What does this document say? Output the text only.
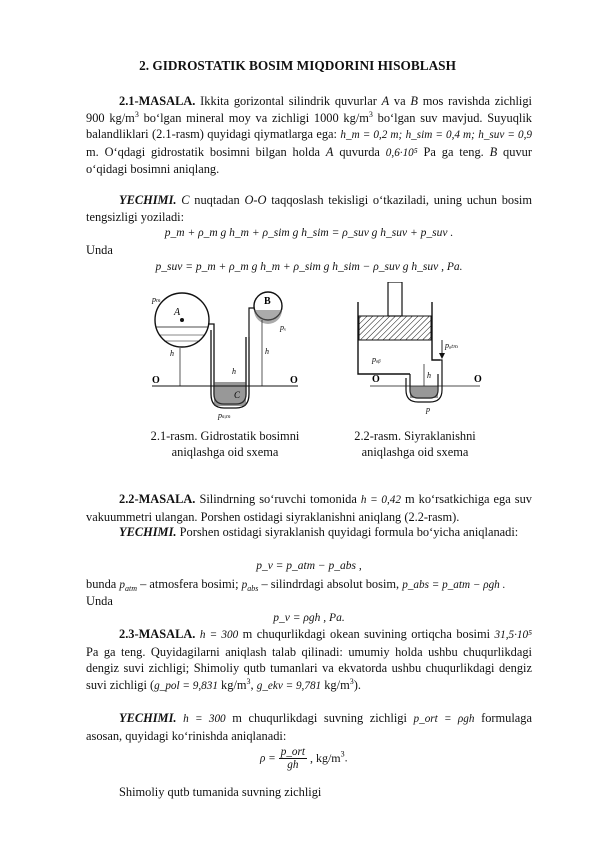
2. GIDROSTATIK BOSIM MIQDORINI HISOBLASH

2.1-MASALA. Ikkita gorizontal silindrik quvurlar A va B mos ravishda zichligi 900 $kg/m^3$ bo‘lgan mineral moy va zichligi 1000 $kg/m^3$ bo‘lgan suv mavjud. Suyuqlik balandliklari (2.1-rasm) quyidagi qiymatlarga ega: h_m = 0,2 m; h_sim = 0,4 m; h_suv = 0,9 m. O‘qdagi gidrostatik bosimni bilgan holda A quvurda 0,6·10⁵ Pa ga teng. B quvur o‘qidagi bosimni aniqlang.

YECHIMI. C nuqtadan O-O taqqoslash tekisligi o‘tkaziladi, uning uchun bosim tengsizligi yoziladi:

p_m + ρ_m g h_m + ρ_sim g h_sim = ρ_suv g h_suv + p_suv .

Unda

p_suv = p_m + ρ_m g h_m + ρ_sim g h_sim − ρ_suv g h_suv , Pa.
A
B
O	O
C
h
h
pₘ
pₓ
pₛᵢₘ
h
pₐᵦ
O	O
pₐₜₘ
h
p
2.1-rasm. Gidrostatik bosimni
aniqlashga oid sxema
2.2-rasm. Siyraklanishni
aniqlashga oid sxema

2.2-MASALA. Silindrning so‘ruvchi tomonida h = 0,42 m ko‘rsatkichiga ega suv vakuummetri ulangan. Porshen ostidagi siyraklanishni aniqlang (2.2-rasm).

YECHIMI. Porshen ostidagi siyraklanish quyidagi formula bo‘yicha aniqlanadi:

p_v = p_atm − p_abs ,

bunda $p_{atm}$ – atmosfera bosimi; $p_{abs}$ – silindrdagi absolut bosim, p_abs = p_atm − ρgh .

Unda

p_v = ρgh , Pa.

2.3-MASALA. h = 300 m chuqurlikdagi okean suvining ortiqcha bosimi 31,5·10⁵ Pa ga teng. Quyidagilarni aniqlash talab qilinadi: umumiy holda ushbu chuqurlikdagi dengiz suvi zichligi; Shimoliy qutb tumanlari va ekvatorda ushbu chuqurlikdagi dengiz suvi zichligi (g_pol = 9,831 $kg/m^3$, g_ekv = 9,781 $kg/m^3$).

YECHIMI. h = 300 m chuqurlikdagi suvning zichligi p_ort = ρgh formulaga asosan, quyidagi ko‘rinishda aniqlanadi:

ρ =
p_ort
gh , $kg/m^3$.

Shimoliy qutb tumanida suvning zichligi
